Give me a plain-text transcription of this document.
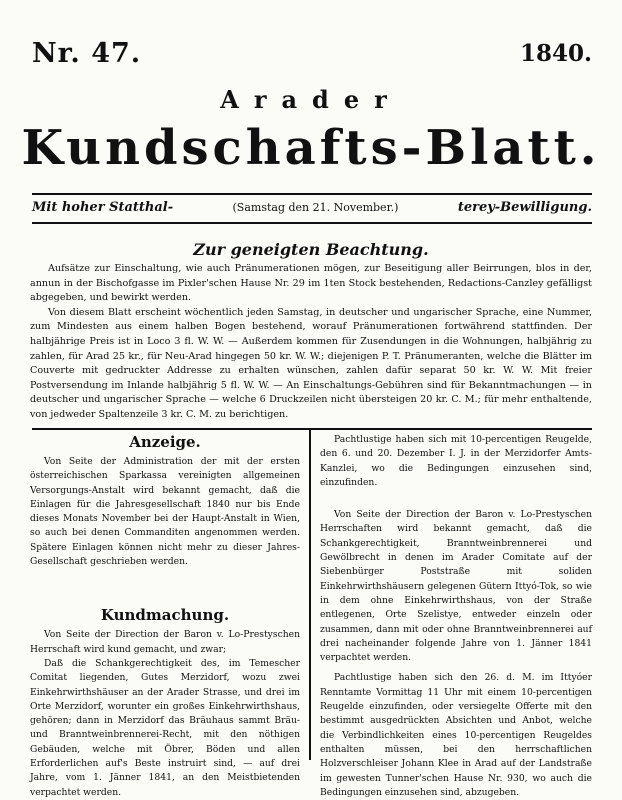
Nr. 47.	1840.
Arader
Kundschafts-Blatt.
Mit hoher Statthal-	(Samstag den 21. November.)	terey-Bewilligung.
Zur geneigten Beachtung.

Aufsätze zur Einschaltung, wie auch Pränumerationen mögen, zur Beseitigung aller Beirrungen, blos in der, annun in der Bischofgasse im Pixler'schen Hause Nr. 29 im 1ten Stock bestehenden, Redactions-Canzley gefälligst abgegeben, und bewirkt werden.

Von diesem Blatt erscheint wöchentlich jeden Samstag, in deutscher und ungarischer Sprache, eine Nummer, zum Mindesten aus einem halben Bogen bestehend, worauf Pränumerationen fortwährend stattfinden. Der halbjährige Preis ist in Loco 3 fl. W. W. — Außerdem kommen für Zusendungen in die Wohnungen, halbjährig zu zahlen, für Arad 25 kr., für Neu-Arad hingegen 50 kr. W. W.; diejenigen P. T. Pränumeranten, welche die Blätter im Couverte mit gedruckter Addresse zu erhalten wünschen, zahlen dafür separat 50 kr. W. W. Mit freier Postversendung im Inlande halbjährig 5 fl. W. W. — An Einschaltungs-Gebühren sind für Bekanntmachungen — in deutscher und ungarischer Sprache — welche 6 Druckzeilen nicht übersteigen 20 kr. C. M.; für mehr enthaltende, von jedweder Spaltenzeile 3 kr. C. M. zu berichtigen.

Anzeige.

Von Seite der Administration der mit der ersten österreichischen Sparkassa vereinigten allgemeinen Versorgungs-Anstalt wird bekannt gemacht, daß die Einlagen für die Jahresgesellschaft 1840 nur bis Ende dieses Monats November bei der Haupt-Anstalt in Wien, so auch bei denen Commanditen angenommen werden. Spätere Einlagen können nicht mehr zu dieser Jahres-Gesellschaft geschrieben werden.

Kundmachung.

Von Seite der Direction der Baron v. Lo-Prestyschen Herrschaft wird kund gemacht, und zwar;

Daß die Schankgerechtigkeit des, im Temescher Comitat liegenden, Gutes Merzidorf, wozu zwei Einkehrwirthshäuser an der Arader Strasse, und drei im Orte Merzidorf, worunter ein großes Einkehrwirthshaus, gehören; dann in Merzidorf das Bräuhaus sammt Bräu- und Branntweinbrennerei-Recht, mit den nöthigen Gebäuden, welche mit Öbrer, Böden und allen Erforderlichen auf's Beste instruirt sind, — auf drei Jahre, vom 1. Jänner 1841, an den Meistbietenden verpachtet werden.

Pachtlustige haben sich mit 10-percentigen Reugelde, den 6. und 20. Dezember I. J. in der Merzidorfer Amts-Kanzlei, wo die Bedingungen einzusehen sind, einzufinden.

Von Seite der Direction der Baron v. Lo-Prestyschen Herrschaften wird bekannt gemacht, daß die Schankgerechtigkeit, Branntweinbrennerei und Gewölbrecht in denen im Arader Comitate auf der Siebenbürger Poststraße mit soliden Einkehrwirthshäusern gelegenen Gütern Ittyó-Tok, so wie in dem ohne Einkehrwirthshaus, von der Straße entlegenen, Orte Szelistye, entweder einzeln oder zusammen, dann mit oder ohne Branntweinbrennerei auf drei nacheinander folgende Jahre von 1. Jänner 1841 verpachtet werden.

Pachtlustige haben sich den 26. d. M. im Ittyóer Renntamte Vormittag 11 Uhr mit einem 10-percentigen Reugelde einzufinden, oder versiegelte Offerte mit den bestimmt ausgedrückten Absichten und Anbot, welche die Verbindlichkeiten eines 10-percentigen Reugeldes enthalten müssen, bei den herrschaftlichen Holzverschleiser Johann Klee in Arad auf der Landstraße im gewesten Tunner'schen Hause Nr. 930, wo auch die Bedingungen einzusehen sind, abzugeben.
